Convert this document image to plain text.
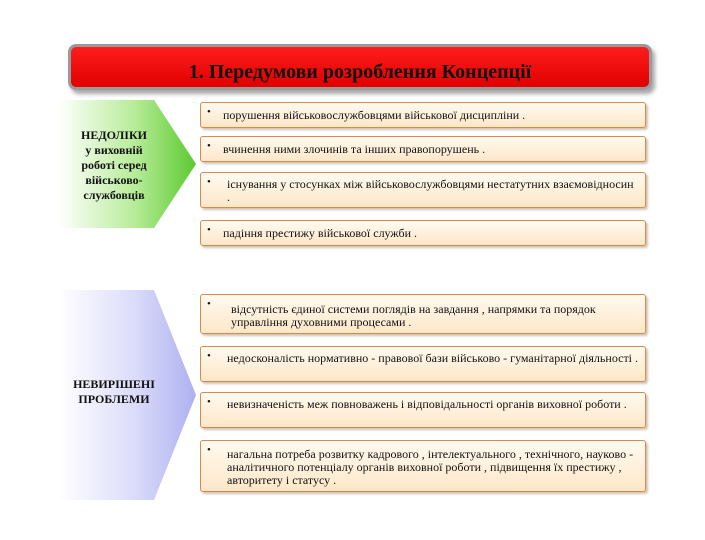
1. Передумови розроблення Концепції
НЕДОЛІКИ
у виховній
роботі серед
військово-
службовців
НЕВИРІШЕНІ
ПРОБЛЕМИ
• порушення військовослужбовцями військової дисципліни .
• вчинення ними злочинів та інших правопорушень .
• існування у стосунках між військовослужбовцями нестатутних взаємовідносин .
• падіння престижу військової служби .
• відсутність єдиної системи поглядів на завдання , напрямки та порядок управління духовними процесами .
• недосконалість нормативно - правової бази військово - гуманітарної діяльності .
• невизначеність меж повноважень і відповідальності органів виховної роботи .
• нагальна потреба розвитку кадрового , інтелектуального , технічного, науково - аналітичного потенціалу органів виховної роботи , підвищення їх престижу , авторитету і статусу .
